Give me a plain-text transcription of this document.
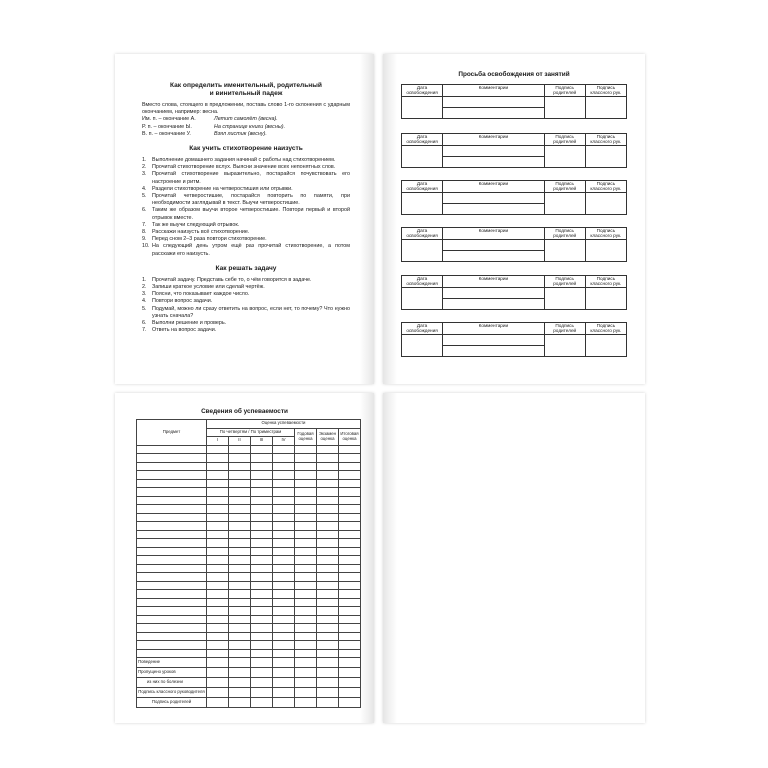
Как определить именительный, родительный

и винительный падеж

Вместо слова, стоящего в предложении, поставь слово 1-го склонения с ударным окончанием, например: весна.

Им. п. – окончание А.	Летит самолёт (весна).
Р. п. – окончание Ы.	На странице книги (весны).
В. п. – окончание У.	Взял листик (весну).

Как учить стихотворение наизусть

1.	Выполнение домашнего задания начинай с работы над стихотворением.
2.	Прочитай стихотворение вслух. Выясни значение всех непонятных слов.
3.	Прочитай стихотворение выразительно, постарайся почувствовать его настроение и ритм.
4.	Раздели стихотворение на четверостишия или отрывки.
5.	Прочитай четверостишие, постарайся повторить по памяти, при необходимости заглядывай в текст. Выучи четверостишие.
6.	Таким же образом выучи второе четверостишие. Повтори первый и второй отрывок вместе.
7.	Так же выучи следующий отрывок.
8.	Расскажи наизусть всё стихотворение.
9.	Перед сном 2–3 раза повтори стихотворение.
10. На следующий день утром ещё раз прочитай стихотворение, а потом расскажи его наизусть.

Как решать задачу

1.	Прочитай задачу. Представь себе то, о чём говорится в задаче.
2.	Запиши краткое условие или сделай чертёж.
3.	Поясни, что показывает каждое число.
4.	Повтори вопрос задачи.
5.	Подумай, можно ли сразу ответить на вопрос, если нет, то почему? Что нужно узнать сначала?
6.	Выполни решение и проверь.
7.	Ответь на вопрос задачи.
Просьба освобождения от занятий
Дата освобождения	Комментарии	Подпись родителей	Подпись классного рук.

Дата освобождения	Комментарии	Подпись родителей	Подпись классного рук.

Дата освобождения	Комментарии	Подпись родителей	Подпись классного рук.

Дата освобождения	Комментарии	Подпись родителей	Подпись классного рук.

Дата освобождения	Комментарии	Подпись родителей	Подпись классного рук.

Дата освобождения	Комментарии	Подпись родителей	Подпись классного рук.

Сведения об успеваемости
Предмет	Оценка успеваемости						
	По четвертям / По триместрам				Годовая оценка	Экзамен оценка	Итоговая оценка
	I	II	III	IV			

Поведение							
Пропущено уроков							
из них по болезни							
Подпись классного руководителя							
Подпись родителей							
